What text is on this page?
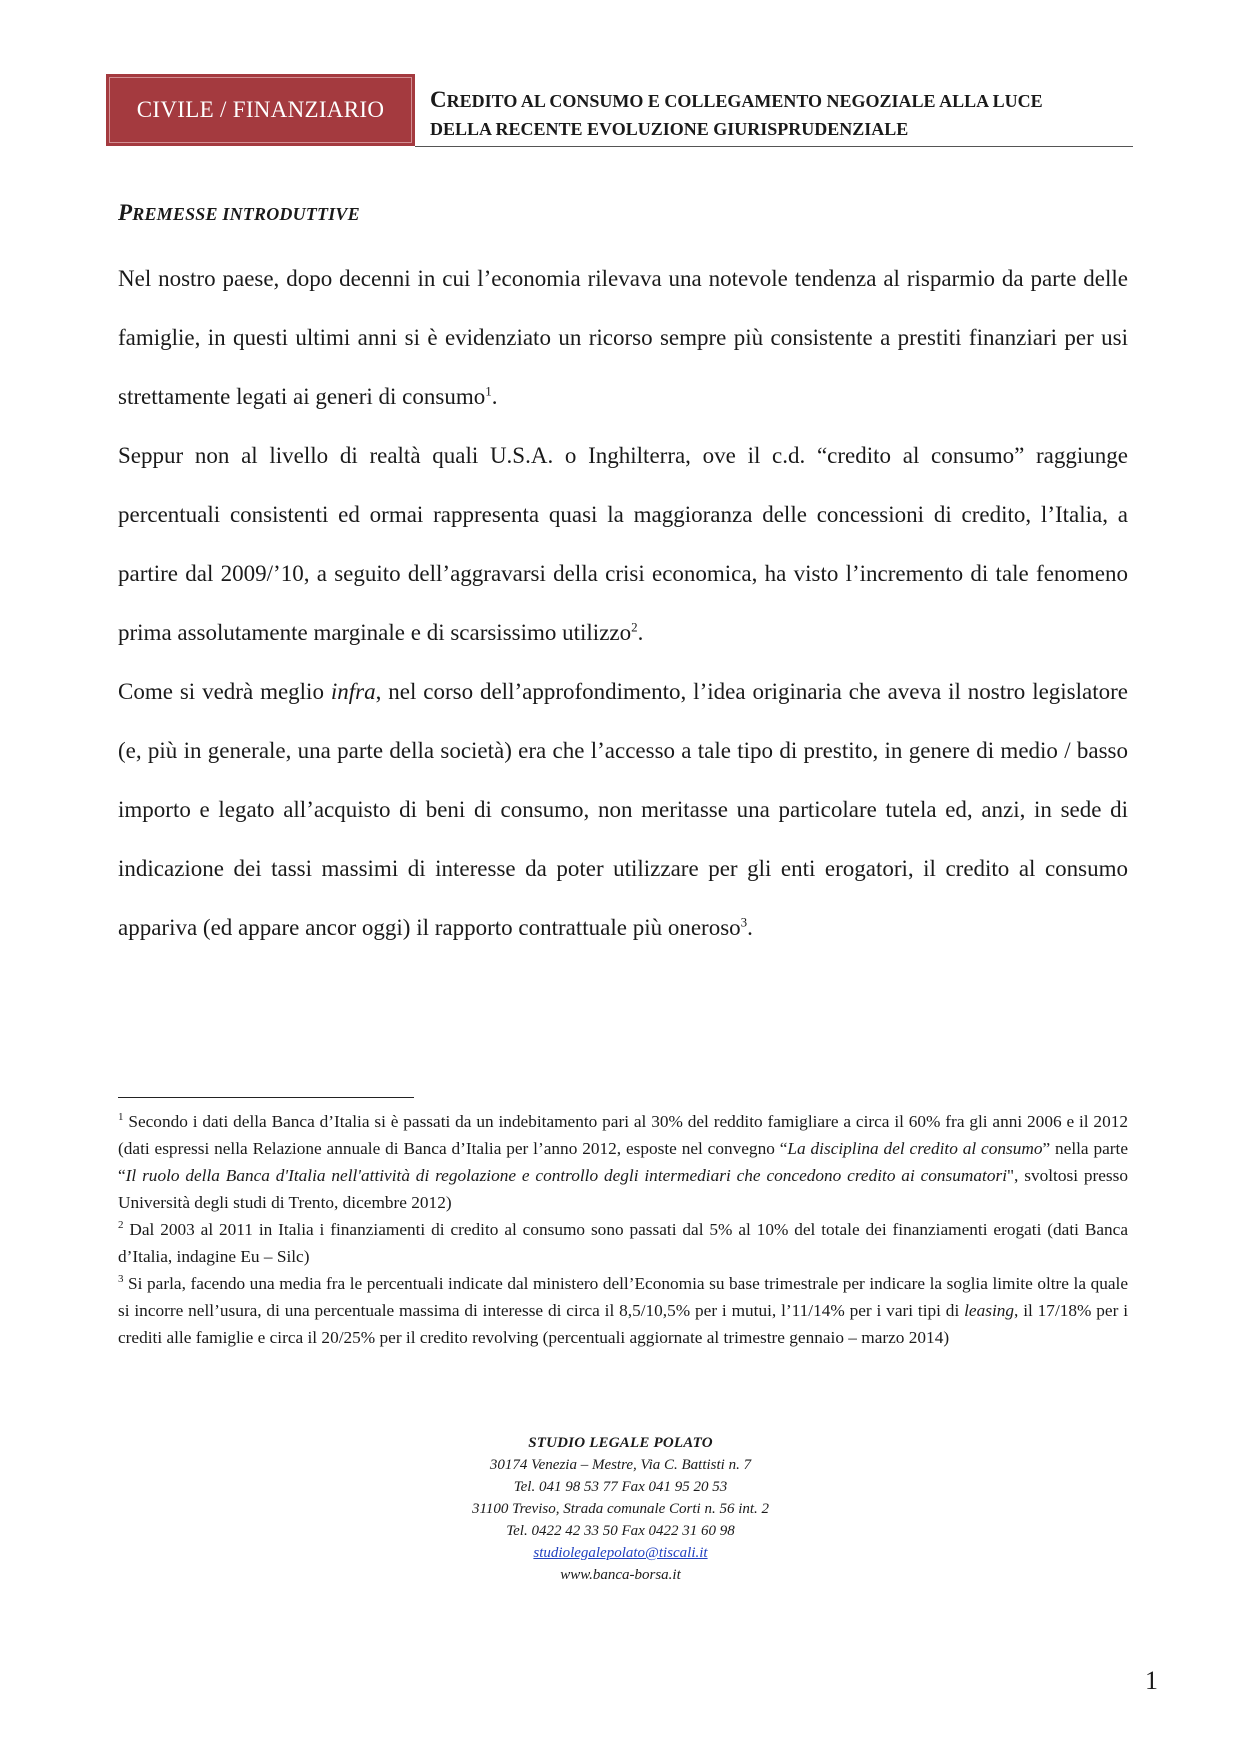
CIVILE / FINANZIARIO	CREDITO AL CONSUMO E COLLEGAMENTO NEGOZIALE ALLA LUCE
DELLA RECENTE EVOLUZIONE GIURISPRUDENZIALE
PREMESSE INTRODUTTIVE

Nel nostro paese, dopo decenni in cui l’economia rilevava una notevole tendenza al risparmio da parte delle famiglie, in questi ultimi anni si è evidenziato un ricorso sempre più consistente a prestiti finanziari per usi strettamente legati ai generi di consumo$^1$.

Seppur non al livello di realtà quali U.S.A. o Inghilterra, ove il c.d. “credito al consumo” raggiunge percentuali consistenti ed ormai rappresenta quasi la maggioranza delle concessioni di credito, l’Italia, a partire dal 2009/’10, a seguito dell’aggravarsi della crisi economica, ha visto l’incremento di tale fenomeno prima assolutamente marginale e di scarsissimo utilizzo$^2$.

Come si vedrà meglio infra, nel corso dell’approfondimento, l’idea originaria che aveva il nostro legislatore (e, più in generale, una parte della società) era che l’accesso a tale tipo di prestito, in genere di medio / basso importo e legato all’acquisto di beni di consumo, non meritasse una particolare tutela ed, anzi, in sede di indicazione dei tassi massimi di interesse da poter utilizzare per gli enti erogatori, il credito al consumo appariva (ed appare ancor oggi) il rapporto contrattuale più oneroso$^3$.

$^1$ Secondo i dati della Banca d’Italia si è passati da un indebitamento pari al 30% del reddito famigliare a circa il 60% fra gli anni 2006 e il 2012 (dati espressi nella Relazione annuale di Banca d’Italia per l’anno 2012, esposte nel convegno “La disciplina del credito al consumo” nella parte “Il ruolo della Banca d'Italia nell'attività di regolazione e controllo degli intermediari che concedono credito ai consumatori", svoltosi presso Università degli studi di Trento, dicembre 2012)

$^2$ Dal 2003 al 2011 in Italia i finanziamenti di credito al consumo sono passati dal 5% al 10% del totale dei finanziamenti erogati (dati Banca d’Italia, indagine Eu – Silc)

$^3$ Si parla, facendo una media fra le percentuali indicate dal ministero dell’Economia su base trimestrale per indicare la soglia limite oltre la quale si incorre nell’usura, di una percentuale massima di interesse di circa il 8,5/10,5% per i mutui, l’11/14% per i vari tipi di leasing, il 17/18% per i crediti alle famiglie e circa il 20/25% per il credito revolving (percentuali aggiornate al trimestre gennaio – marzo 2014)

STUDIO LEGALE POLATO
30174 Venezia – Mestre, Via C. Battisti n. 7
Tel. 041 98 53 77 Fax 041 95 20 53
31100 Treviso, Strada comunale Corti n. 56 int. 2
Tel. 0422 42 33 50 Fax 0422 31 60 98
studiolegalepolato@tiscali.it
www.banca-borsa.it
1
